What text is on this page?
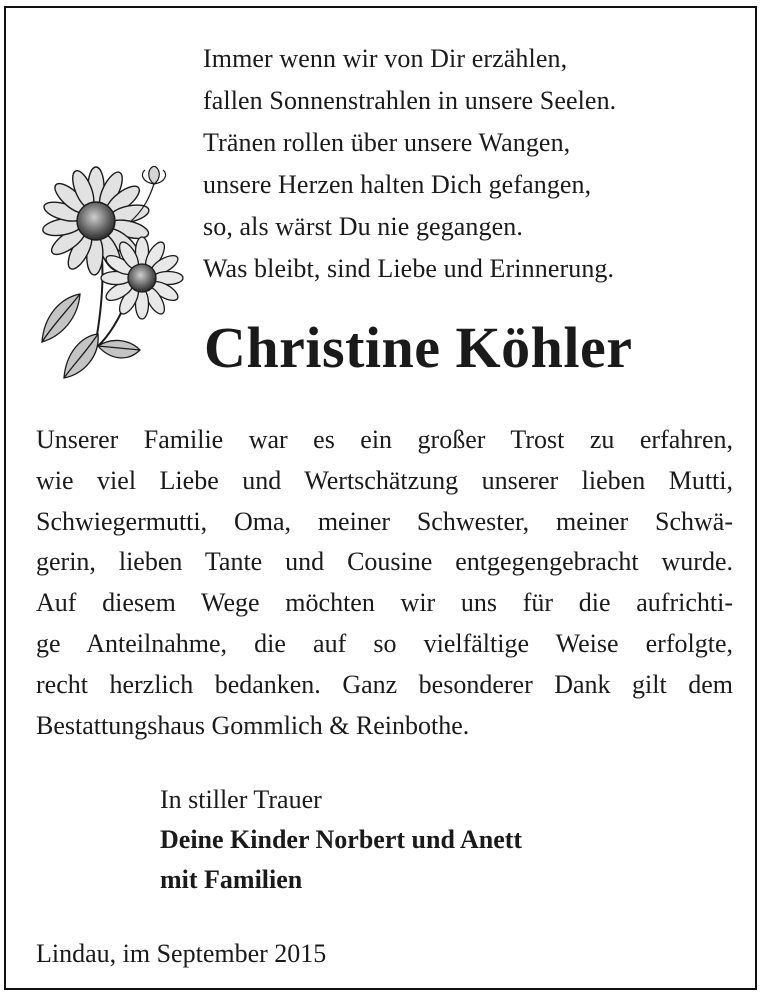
Immer wenn wir von Dir erzählen,
fallen Sonnenstrahlen in unsere Seelen.
Tränen rollen über unsere Wangen,
unsere Herzen halten Dich gefangen,
so, als wärst Du nie gegangen.
Was bleibt, sind Liebe und Erinnerung.
Christine Köhler
Unserer Familie war es ein großer Trost zu erfahren,
wie viel Liebe und Wertschätzung unserer lieben Mutti,
Schwiegermutti, Oma, meiner Schwester, meiner Schwä-
gerin, lieben Tante und Cousine entgegengebracht wurde.
Auf diesem Wege möchten wir uns für die aufrichti-
ge Anteilnahme, die auf so vielfältige Weise erfolgte,
recht herzlich bedanken. Ganz besonderer Dank gilt dem
Bestattungshaus Gommlich & Reinbothe.
In stiller Trauer
Deine Kinder Norbert und Anett
mit Familien
Lindau, im September 2015
